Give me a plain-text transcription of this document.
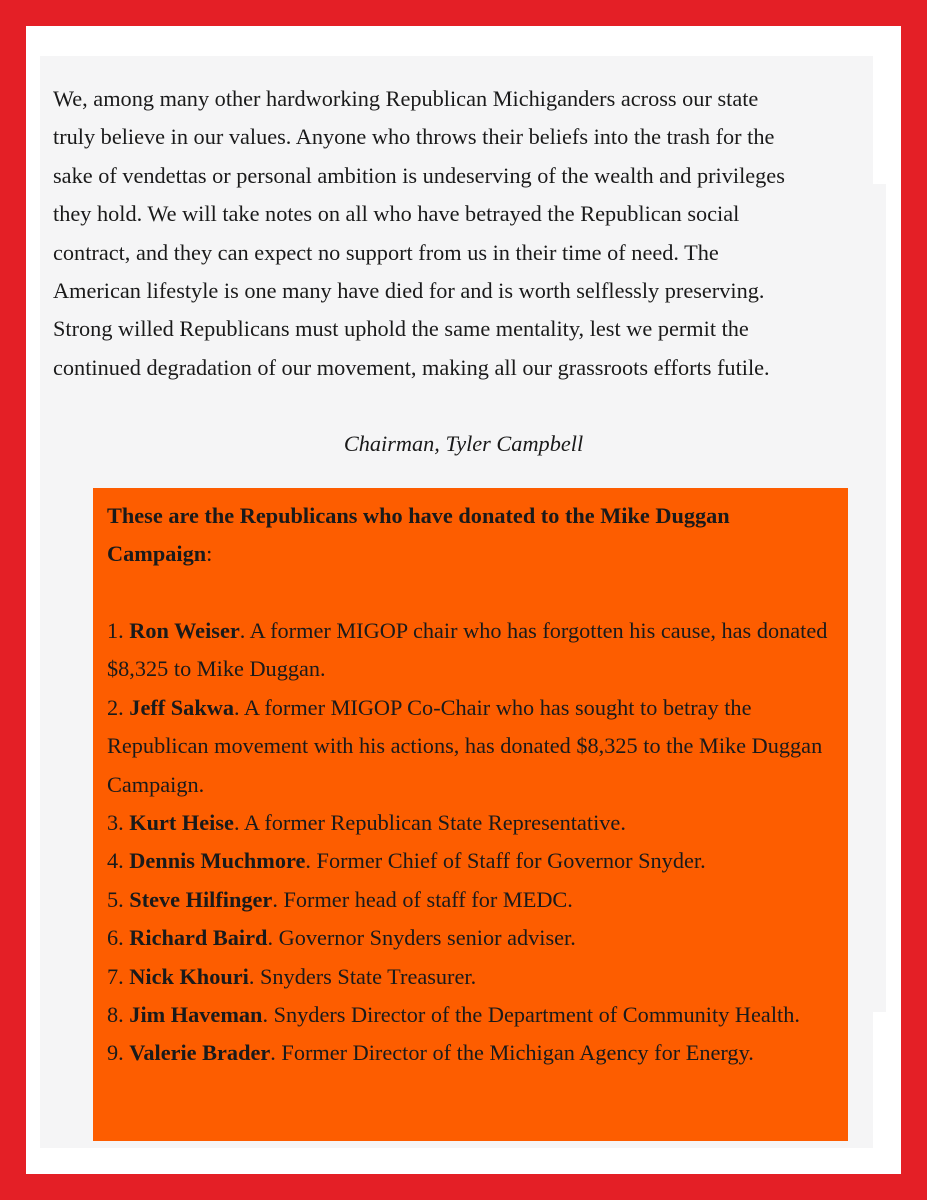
We, among many other hardworking Republican Michiganders across our state
truly believe in our values. Anyone who throws their beliefs into the trash for the
sake of vendettas or personal ambition is undeserving of the wealth and privileges
they hold. We will take notes on all who have betrayed the Republican social
contract, and they can expect no support from us in their time of need. The
American lifestyle is one many have died for and is worth selflessly preserving.
Strong willed Republicans must uphold the same mentality, lest we permit the
continued degradation of our movement, making all our grassroots efforts futile.

Chairman, Tyler Campbell

These are the Republicans who have donated to the Mike Duggan Campaign:

1. Ron Weiser. A former MIGOP chair who has forgotten his cause, has donated $8,325 to Mike Duggan.
2. Jeff Sakwa. A former MIGOP Co-Chair who has sought to betray the Republican movement with his actions, has donated $8,325 to the Mike Duggan Campaign.
3. Kurt Heise. A former Republican State Representative.
4. Dennis Muchmore. Former Chief of Staff for Governor Snyder.
5. Steve Hilfinger. Former head of staff for MEDC.
6. Richard Baird. Governor Snyders senior adviser.
7. Nick Khouri. Snyders State Treasurer.
8. Jim Haveman. Snyders Director of the Department of Community Health.
9. Valerie Brader. Former Director of the Michigan Agency for Energy.
